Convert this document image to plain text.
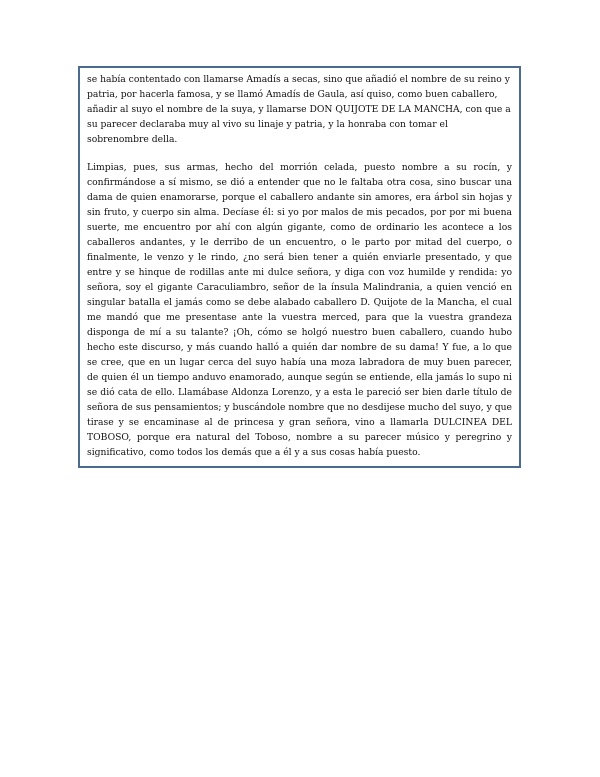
se había contentado con llamarse Amadís a secas, sino que añadió el nombre de su reino y patria, por hacerla famosa, y se llamó Amadís de Gaula, así quiso, como buen caballero, añadir al suyo el nombre de la suya, y llamarse DON QUIJOTE DE LA MANCHA, con que a su parecer declaraba muy al vivo su linaje y patria, y la honraba con tomar el sobrenombre della.

Limpias, pues, sus armas, hecho del morrión celada, puesto nombre a su rocín, y confirmándose a sí mismo, se dió a entender que no le faltaba otra cosa, sino buscar una dama de quien enamorarse, porque el caballero andante sin amores, era árbol sin hojas y sin fruto, y cuerpo sin alma. Decíase él: si yo por malos de mis pecados, por por mi buena suerte, me encuentro por ahí con algún gigante, como de ordinario les acontece a los caballeros andantes, y le derribo de un encuentro, o le parto por mitad del cuerpo, o finalmente, le venzo y le rindo, ¿no será bien tener a quién enviarle presentado, y que entre y se hinque de rodillas ante mi dulce señora, y diga con voz humilde y rendida: yo señora, soy el gigante Caraculiambro, señor de la ínsula Malindrania, a quien venció en singular batalla el jamás como se debe alabado caballero D. Quijote de la Mancha, el cual me mandó que me presentase ante la vuestra merced, para que la vuestra grandeza disponga de mí a su talante? ¡Oh, cómo se holgó nuestro buen caballero, cuando hubo hecho este discurso, y más cuando halló a quién dar nombre de su dama! Y fue, a lo que se cree, que en un lugar cerca del suyo había una moza labradora de muy buen parecer, de quien él un tiempo anduvo enamorado, aunque según se entiende, ella jamás lo supo ni se dió cata de ello. Llamábase Aldonza Lorenzo, y a esta le pareció ser bien darle título de señora de sus pensamientos; y buscándole nombre que no desdijese mucho del suyo, y que tirase y se encaminase al de princesa y gran señora, vino a llamarla DULCINEA DEL TOBOSO, porque era natural del Toboso, nombre a su parecer músico y peregrino y significativo, como todos los demás que a él y a sus cosas había puesto.
